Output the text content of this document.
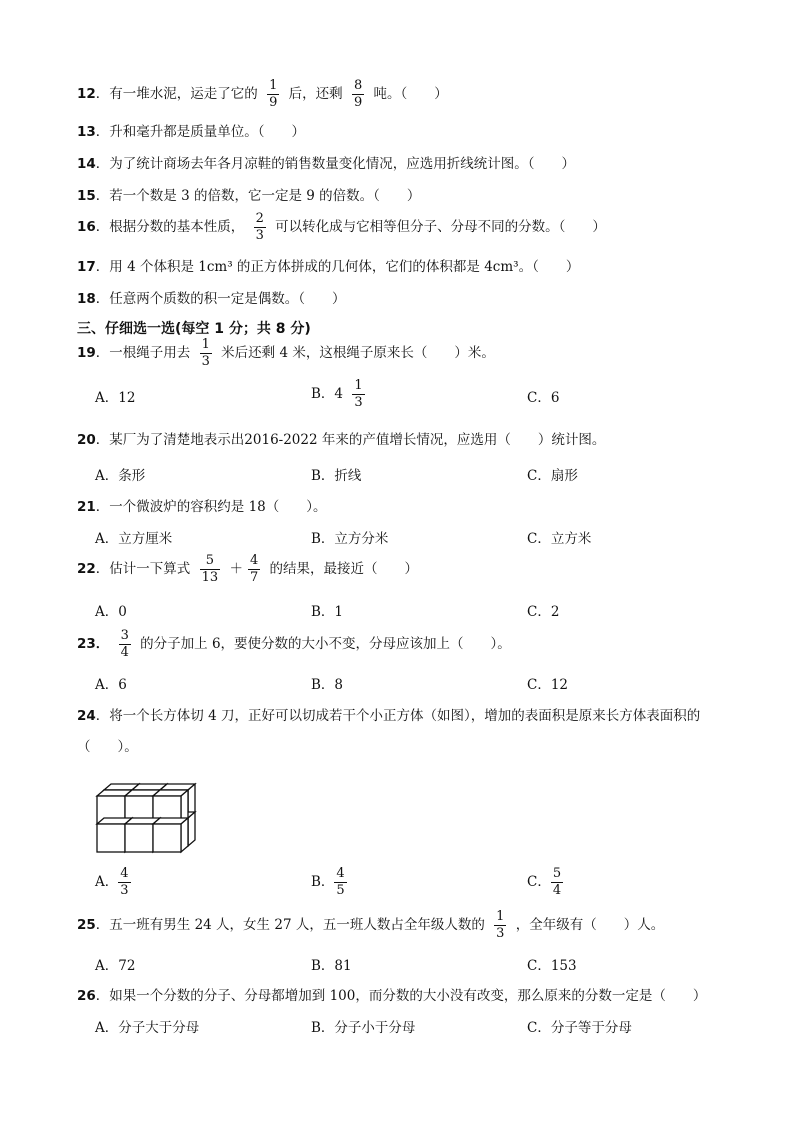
12．有一堆水泥，运走了它的 $\frac{1}{9}$ 后，还剩 $\frac{8}{9}$ 吨。（　　）
13．升和毫升都是质量单位。（　　）
14．为了统计商场去年各月凉鞋的销售数量变化情况，应选用折线统计图。（　　）
15．若一个数是 3 的倍数，它一定是 9 的倍数。（　　）
16．根据分数的基本性质， $\frac{2}{3}$ 可以转化成与它相等但分子、分母不同的分数。（　　）
17．用 4 个体积是 1cm³ 的正方体拼成的几何体，它们的体积都是 4cm³。（　　）
18．任意两个质数的积一定是偶数。（　　）
三、仔细选一选(每空 1 分；共 8 分)
19．一根绳子用去 $\frac{1}{3}$ 米后还剩 4 米，这根绳子原来长（　　）米。
A．12	B．$4 \frac{1}{3}$	C．6
20．某厂为了清楚地表示出2016-2022 年来的产值增长情况，应选用（　　）统计图。
A．条形	B．折线	C．扇形
21．一个微波炉的容积约是 18（　　）。
A．立方厘米	B．立方分米	C．立方米
22．估计一下算式 $\frac{5}{13} + \frac{4}{7}$ 的结果，最接近（　　）
A．0	B．1	C．2
23． $\frac{3}{4}$ 的分子加上 6，要使分数的大小不变，分母应该加上（　　）。
A．6	B．8	C．12
24．将一个长方体切 4 刀，正好可以切成若干个小正方体（如图），增加的表面积是原来长方体表面积的
（　　）。
A． $\frac{4}{3}$	B． $\frac{4}{5}$	C． $\frac{5}{4}$
25．五一班有男生 24 人，女生 27 人，五一班人数占全年级人数的 $\frac{1}{3}$ ，全年级有（　　）人。
A．72	B．81	C．153
26．如果一个分数的分子、分母都增加到 100，而分数的大小没有改变，那么原来的分数一定是（　　）
A．分子大于分母	B．分子小于分母	C．分子等于分母
